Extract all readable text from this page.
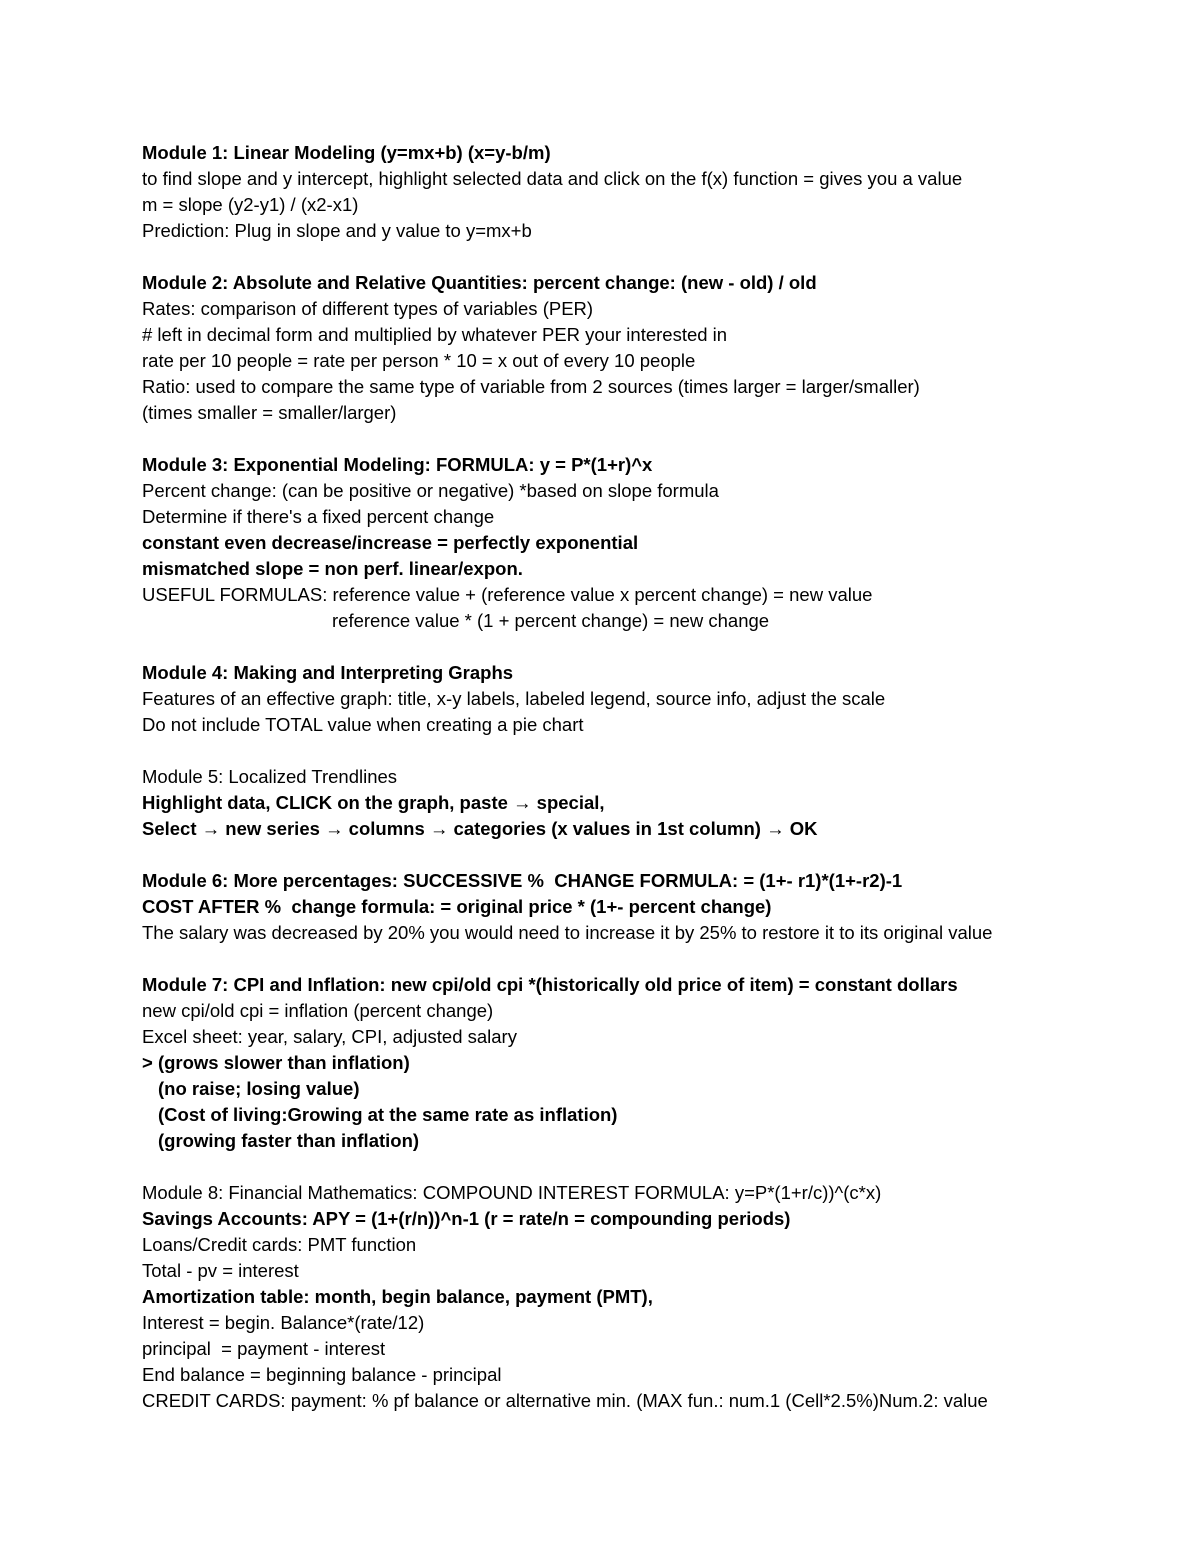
Module 1: Linear Modeling (y=mx+b) (x=y-b/m)

to find slope and y intercept, highlight selected data and click on the f(x) function = gives you a value

m = slope (y2-y1) / (x2-x1)

Prediction: Plug in slope and y value to y=mx+b

Module 2: Absolute and Relative Quantities: percent change: (new - old) / old

Rates: comparison of different types of variables (PER)

# left in decimal form and multiplied by whatever PER your interested in

rate per 10 people = rate per person * 10 = x out of every 10 people

Ratio: used to compare the same type of variable from 2 sources (times larger = larger/smaller)

(times smaller = smaller/larger)

Module 3: Exponential Modeling: FORMULA: y = P*(1+r)^x

Percent change: (can be positive or negative) *based on slope formula

Determine if there's a fixed percent change

constant even decrease/increase = perfectly exponential

mismatched slope = non perf. linear/expon.

USEFUL FORMULAS: reference value + (reference value x percent change) = new value

reference value * (1 + percent change) = new change

Module 4: Making and Interpreting Graphs

Features of an effective graph: title, x-y labels, labeled legend, source info, adjust the scale

Do not include TOTAL value when creating a pie chart

Module 5: Localized Trendlines

Highlight data, CLICK on the graph, paste → special,

Select → new series → columns → categories (x values in 1st column) → OK

Module 6: More percentages: SUCCESSIVE %  CHANGE FORMULA: = (1+- r1)*(1+-r2)-1

COST AFTER %  change formula: = original price * (1+- percent change)

The salary was decreased by 20% you would need to increase it by 25% to restore it to its original value

Module 7: CPI and Inflation: new cpi/old cpi *(historically old price of item) = constant dollars

new cpi/old cpi = inflation (percent change)

Excel sheet: year, salary, CPI, adjusted salary

> (grows slower than inflation)

(no raise; losing value)

(Cost of living:Growing at the same rate as inflation)

(growing faster than inflation)

Module 8: Financial Mathematics: COMPOUND INTEREST FORMULA: y=P*(1+r/c))^(c*x)

Savings Accounts: APY = (1+(r/n))^n-1 (r = rate/n = compounding periods)

Loans/Credit cards: PMT function

Total - pv = interest

Amortization table: month, begin balance, payment (PMT),

Interest = begin. Balance*(rate/12)

principal  = payment - interest

End balance = beginning balance - principal

CREDIT CARDS: payment: % pf balance or alternative min. (MAX fun.: num.1 (Cell*2.5%)Num.2: value
